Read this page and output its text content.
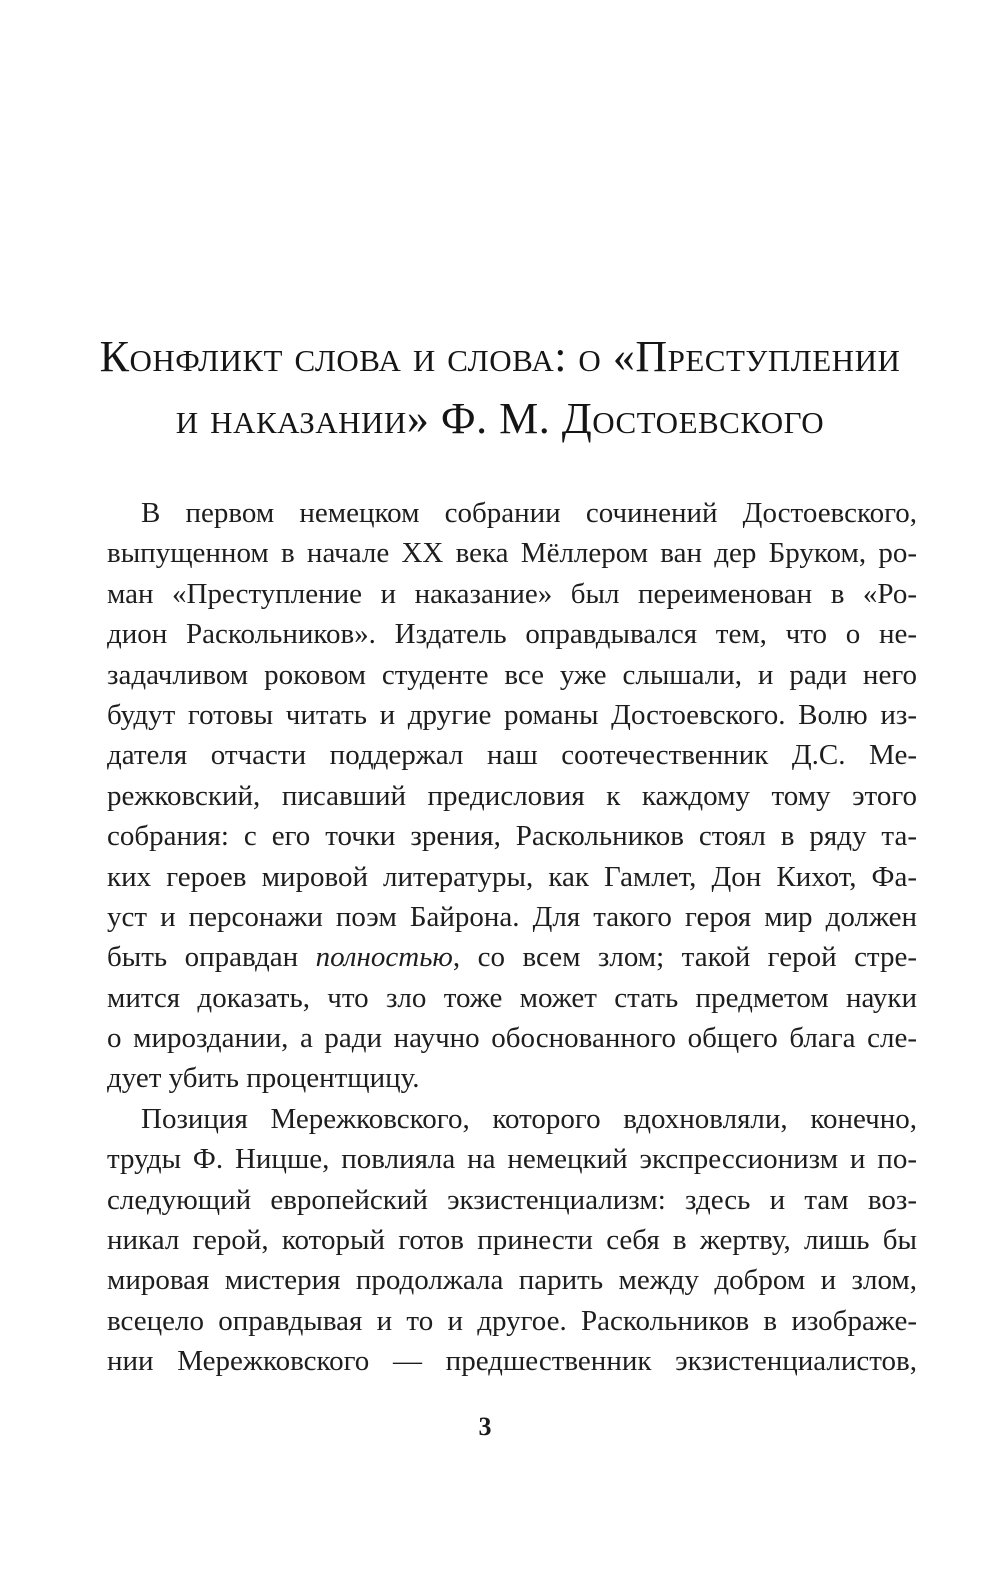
Конфликт слова и слова: о «Преступлении
и наказании» Ф. М. Достоевского
В первом немецком собрании сочинений Достоевского,
выпущенном в начале XX века Мёллером ван дер Бруком, ро-
ман «Преступление и наказание» был переименован в «Ро-
дион Раскольников». Издатель оправдывался тем, что о не-
задачливом роковом студенте все уже слышали, и ради него
будут готовы читать и другие романы Достоевского. Волю из-
дателя отчасти поддержал наш соотечественник Д.С. Ме-
режковский, писавший предисловия к каждому тому этого
собрания: с его точки зрения, Раскольников стоял в ряду та-
ких героев мировой литературы, как Гамлет, Дон Кихот, Фа-
уст и персонажи поэм Байрона. Для такого героя мир должен
быть оправдан полностью, со всем злом; такой герой стре-
мится доказать, что зло тоже может стать предметом науки
о мироздании, а ради научно обоснованного общего блага сле-
дует убить процентщицу.
Позиция Мережковского, которого вдохновляли, конечно,
труды Ф. Ницше, повлияла на немецкий экспрессионизм и по-
следующий европейский экзистенциализм: здесь и там воз-
никал герой, который готов принести себя в жертву, лишь бы
мировая мистерия продолжала парить между добром и злом,
всецело оправдывая и то и другое. Раскольников в изображе-
нии Мережковского — предшественник экзистенциалистов,
3
